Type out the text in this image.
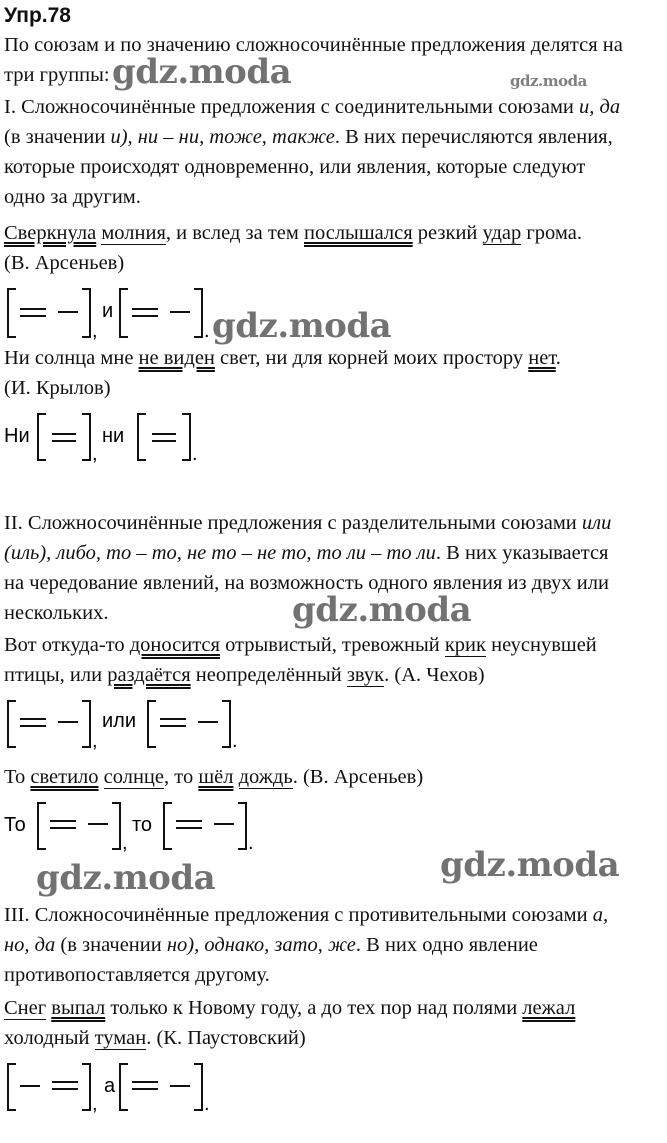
Упр.78
По союзам и по значению сложносочинённые предложения делятся на
три группы:
I. Сложносочинённые предложения с соединительными союзами и, да
(в значении и), ни – ни, тоже, также. В них перечисляются явления,
которые происходят одновременно, или явления, которые следуют
одно за другим.
Сверкнула молния, и вслед за тем послышался резкий удар грома.
(В. Арсеньев)
,
и
.
Ни солнца мне не виден свет, ни для корней моих простору нет.
(И. Крылов)
Ни
,
ни
.
II. Сложносочинённые предложения с разделительными союзами или
(иль), либо, то – то, не то – не то, то ли – то ли. В них указывается
на чередование явлений, на возможность одного явления из двух или
нескольких.
Вот откуда-то доносится отрывистый, тревожный крик неуснувшей
птицы, или раздаётся неопределённый звук. (А. Чехов)
,
или
.
То светило солнце, то шёл дождь. (В. Арсеньев)
То
,
то
.
III. Сложносочинённые предложения с противительными союзами а,
но, да (в значении но), однако, зато, же. В них одно явление
противопоставляется другому.
Снег выпал только к Новому году, а до тех пор над полями лежал
холодный туман. (К. Паустовский)
,
а
.
gdz.moda	gdz.moda
gdz.moda
gdz.moda
gdz.moda	gdz.moda
